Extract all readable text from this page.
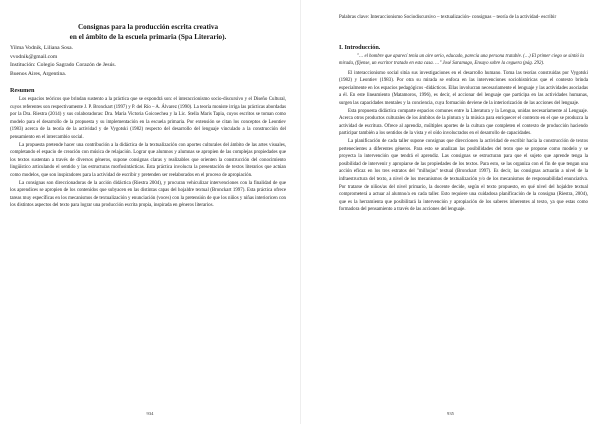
Consignas para la producción escrita creativa

en el ámbito de la escuela primaria (Spa Literario).

Yilma Vodnik, Liliana Sosa.

vvodnik@gmail.com

Institución: Colegio Sagrado Corazón de Jesús.

Buenos Aires, Argentina.

Resumen

Los espacios teóricos que brindan sustento a la práctica que se expondrá son: el interaccionismo socio-discursivo y el Diseño Cultural, cuyos referentes son respectivamente J. P. Bronckart (1997) y P. del Río – A. Álvarez (1990). La teoría moniste irriga las prácticas abordadas por la Dra. Riestra (2014) y sus colaboradoras: Dra. María Victoria Goicoechea y la Lic. Stella Maris Tapia, cuyos escritos se toman como modelo para el desarrollo de la propuesta y su implementación en la escuela primaria. Por extensión se citan los conceptos de Leontiev (1983) acerca de la teoría de la actividad y de Vygotski (1982) respecto del desarrollo del lenguaje vinculado a la construcción del pensamiento en el intercambio social.

La propuesta pretende hacer una contribución a la didáctica de la textualización con aportes culturales del ámbito de las artes visuales, completando el espacio de creación con música de relajación. Lograr que alumnos y alumnas se apropien de las complejas propiedades que los textos sustentan a través de diversos géneros, supone consignas claras y realizables que orienten la construcción del conocimiento lingüístico articulando el sentido y las estructuras morfosintácticas. Esta práctica involucra la presentación de textos literarios que actúan como modelos, que son inspiradores para la actividad de escribir y pretenden ser reelaborados en el proceso de apropiación.

La consignas son direccionadoras de la acción didáctica (Riestra 2004), y procuran vehiculizar intervenciones con la finalidad de que los aprendices se apropien de los contenidos que subyacen en las distintas capas del hojaldre textual (Bronckart 1997). Esta práctica ofrece tareas muy específicas en los mecanismos de textualización y enunciación (voces) con la pretensión de que los niños y niñas interioricen con los distintos aspectos del texto para lograr una producción escrita propia, inspirada en géneros literarios.

934

Palabras clave: Interaccionismo Sociodiscursivo – textualización- consignas – teoría de la actividad- escribir

I. Introducción.

"… el hombre que aparecí tenía un aire serio, educado, parecía una persona tratable. (…) El primer ciego se sintió la mirada, (fijense, un escritor tratado en esta casa. …" José Saramago, Ensayo sobre la ceguera (pág. 292).

El interaccionismo social sitúa sus investigaciones en el desarrollo humano. Toma las teorías construidas por Vygotski (1982) y Leontiev (1983). Por otra su mirada se enfoca en las intervenciones sociohistóricas que el contexto brinda especialmente en los espacios pedagógicos -didácticos. Ellas involucran necesariamente el lenguaje y las actividades asociadas a él. En este lineamiento (Matamoros, 1996), es decir, el accionar del lenguaje que participa en las actividades humanas, surgen las capacidades mentales y la conciencia, cuya formación deviene de la interiorización de las acciones del lenguaje.

Esta propuesta didáctica comparte espacios comunes entre la Literatura y la Lengua, unidas necesariamente al Lenguaje. Acerca otros productos culturales de los ámbitos de la pintura y la música para enriquecer el contexto en el que se produzca la actividad de escritura. Ofrece al aprendiz, múltiples aportes de la cultura que completen el contexto de producción haciendo participar también a los sentidos de la vista y el oído involucrados en el desarrollo de capacidades.

La planificación de cada taller supone consignas que direccionen la actividad de escribir hacia la construcción de textos pertenecientes a diferentes géneros. Para esto se analizan las posibilidades del texto que se propone como modelo y se proyecta la intervención que tendrá el aprendiz. Las consignas se estructuran para que el sujeto que aprende tenga la posibilidad de intervenir y apropiarse de las propiedades de los textos. Para esto, se las organiza con el fin de que tengan una acción eficaz en los tres estratos del "milhojas" textual (Bronckart 1997). Es decir, las consignas actuarán a nivel de la infraestructura del texto, a nivel de los mecanismos de textualización y/o de los mecanismos de responsabilidad enunciativa. Por tratarse de niños/as del nivel primario, la docente decide, según el texto propuesto, en qué nivel del hojaldre textual comprometerá a actuar al alumno/a en cada taller. Esto requiere una cuidadosa planificación de la consigna (Riestra, 2004), que es la herramienta que posibilitará la intervención y apropiación de los saberes inherentes al texto, ya que estas como formadora del pensamiento a través de las acciones del lenguaje.

935
